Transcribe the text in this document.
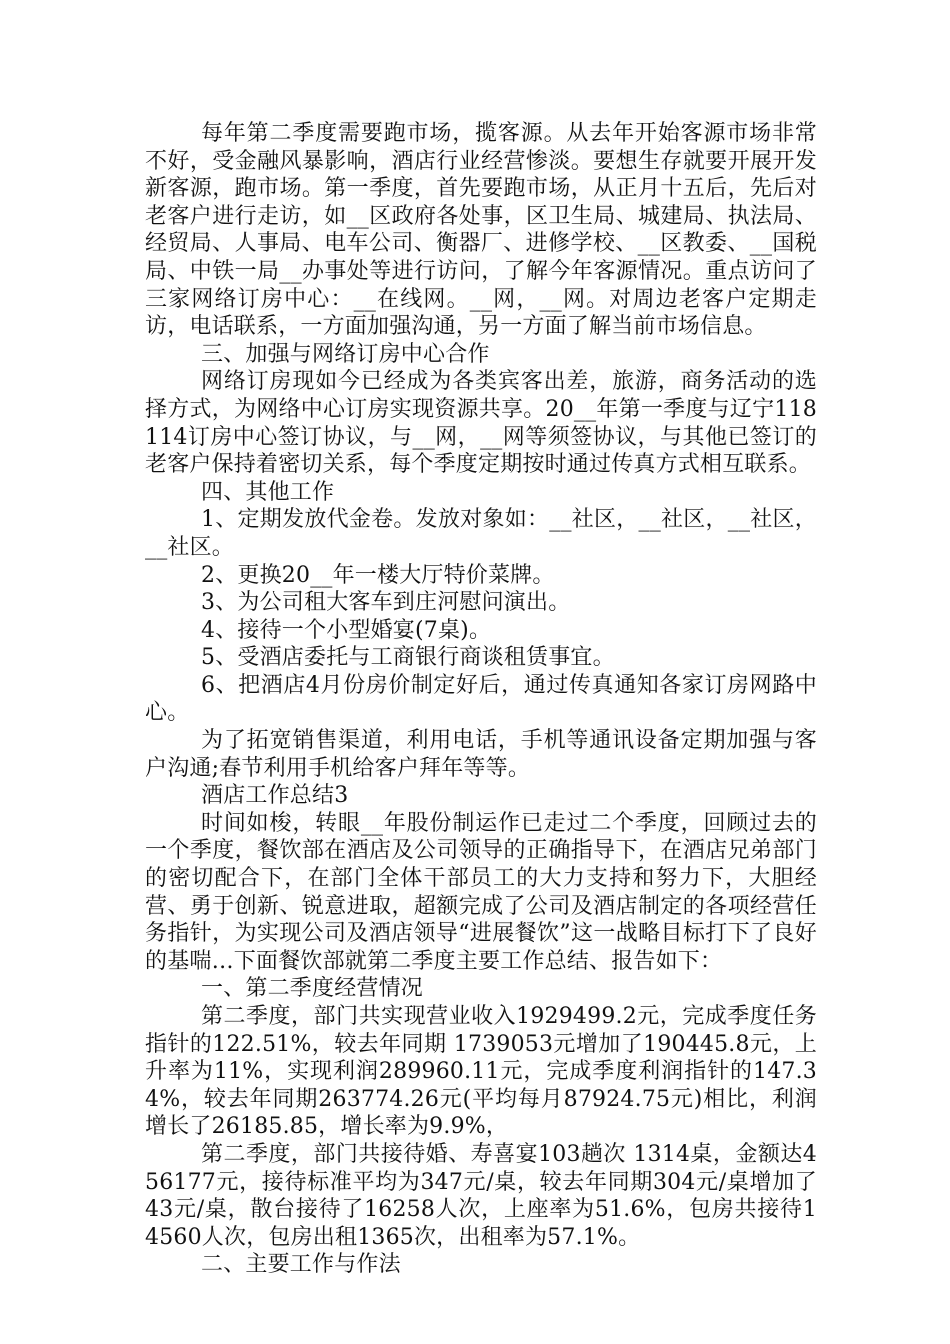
每年第二季度需要跑市场，揽客源。从去年开始客源市场非常不好，受金融风暴影响，酒店行业经营惨淡。要想生存就要开展开发新客源，跑市场。第一季度，首先要跑市场，从正月十五后，先后对老客户进行走访，如__区政府各处事，区卫生局、城建局、执法局、经贸局、人事局、电车公司、衡器厂、进修学校、__区教委、__国税局、中铁一局__办事处等进行访问，了解今年客源情况。重点访问了三家网络订房中心：__在线网。__网，__网。对周边老客户定期走访，电话联系，一方面加强沟通，另一方面了解当前市场信息。

三、加强与网络订房中心合作

网络订房现如今已经成为各类宾客出差，旅游，商务活动的选择方式，为网络中心订房实现资源共享。20__年第一季度与辽宁118114订房中心签订协议，与__网，__网等须签协议，与其他已签订的老客户保持着密切关系，每个季度定期按时通过传真方式相互联系。

四、其他工作

1、定期发放代金卷。发放对象如：__社区，__社区，__社区，__社区。

2、更换20__年一楼大厅特价菜牌。

3、为公司租大客车到庄河慰问演出。

4、接待一个小型婚宴(7桌)。

5、受酒店委托与工商银行商谈租赁事宜。

6、把酒店4月份房价制定好后，通过传真通知各家订房网路中心。

为了拓宽销售渠道，利用电话，手机等通讯设备定期加强与客户沟通;春节利用手机给客户拜年等等。

酒店工作总结3

时间如梭，转眼__年股份制运作已走过二个季度，回顾过去的一个季度，餐饮部在酒店及公司领导的正确指导下，在酒店兄弟部门的密切配合下，在部门全体干部员工的大力支持和努力下，大胆经营、勇于创新、锐意进取，超额完成了公司及酒店制定的各项经营任务指针，为实现公司及酒店领导“进展餐饮”这一战略目标打下了良好的基喘…下面餐饮部就第二季度主要工作总结、报告如下：

一、第二季度经营情况

第二季度，部门共实现营业收入1929499.2元，完成季度任务指针的122.51%，较去年同期 1739053元增加了190445.8元，上升率为11%，实现利润289960.11元，完成季度利润指针的147.34%，较去年同期263774.26元(平均每月87924.75元)相比，利润增长了26185.85，增长率为9.9%，

第二季度，部门共接待婚、寿喜宴103趟次 1314桌，金额达456177元，接待标准平均为347元/桌，较去年同期304元/桌增加了43元/桌，散台接待了16258人次，上座率为51.6%，包房共接待14560人次，包房出租1365次，出租率为57.1%。

二、主要工作与作法
